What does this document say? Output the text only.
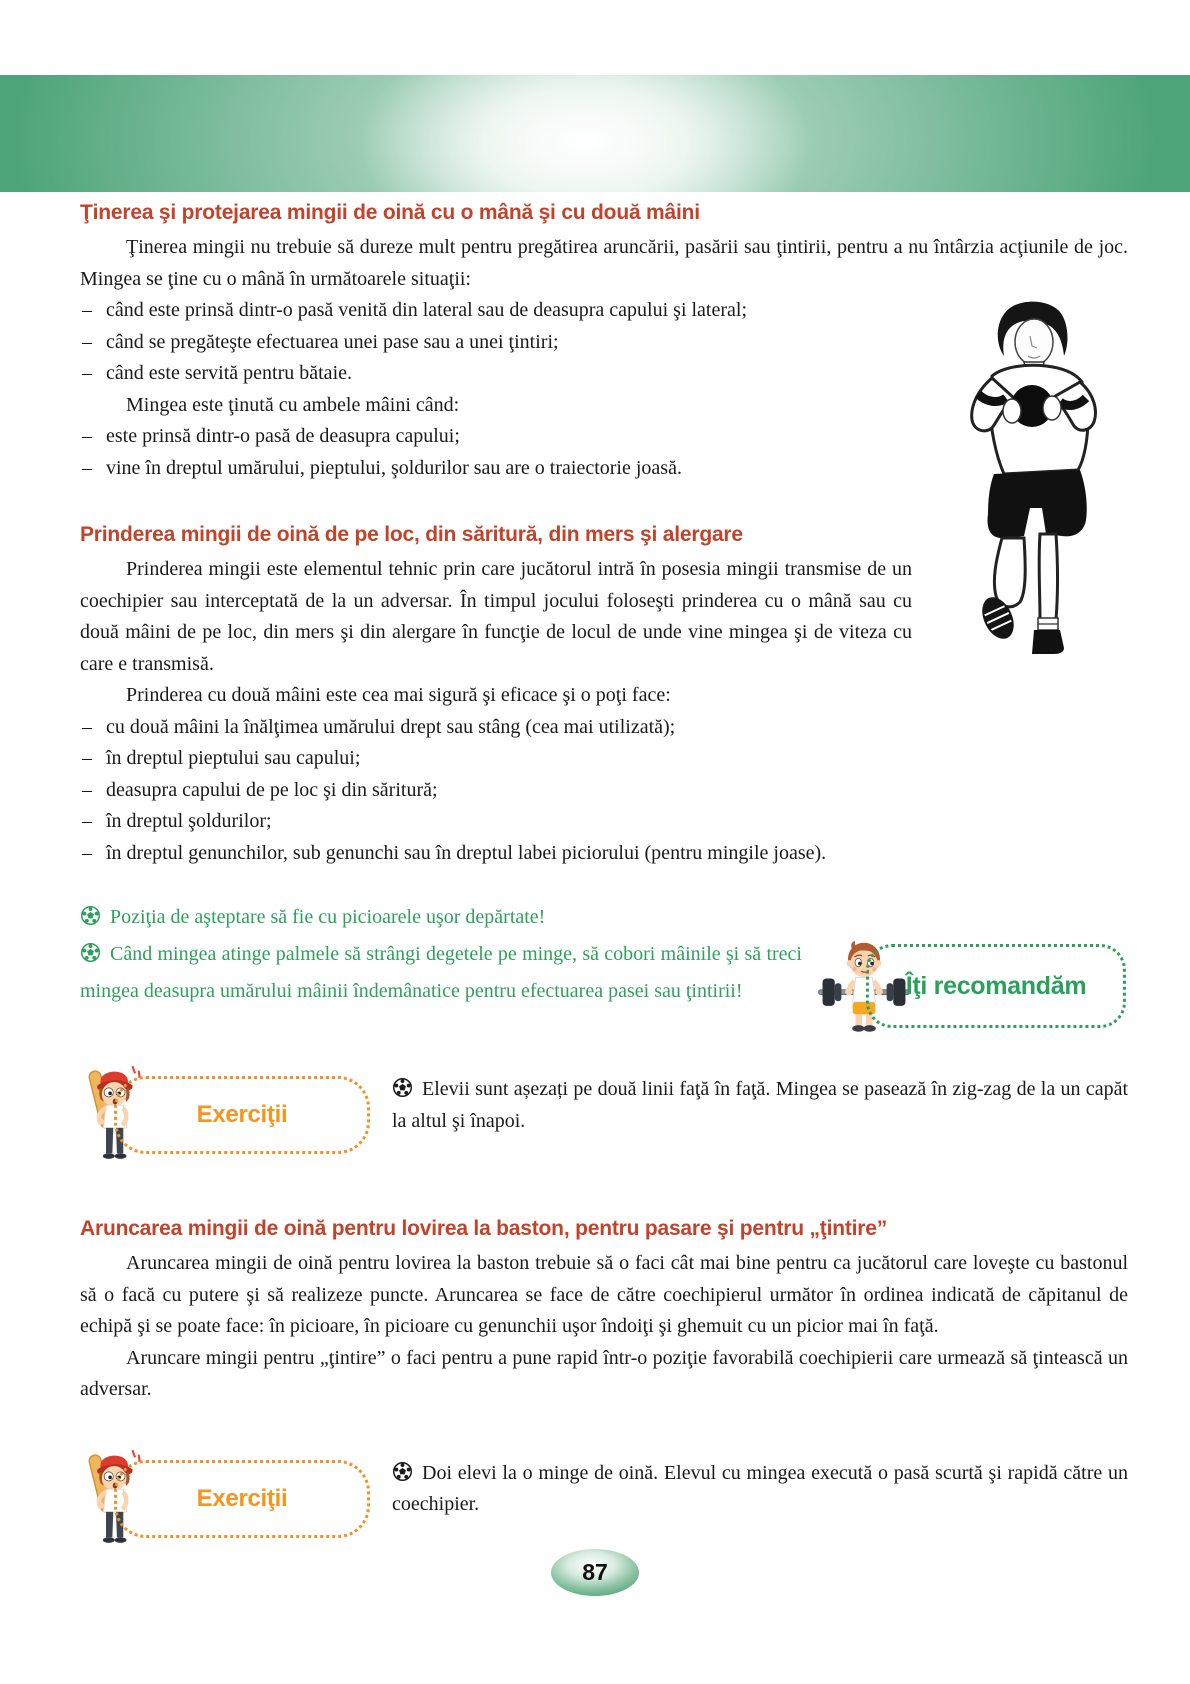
Ţinerea şi protejarea mingii de oină cu o mână şi cu două mâini

Ţinerea mingii nu trebuie să dureze mult pentru pregătirea aruncării, pasării sau ţintirii, pentru a nu întârzia acţiunile de joc. Mingea se ţine cu o mână în următoarele situaţii:

– când este prinsă dintr-o pasă venită din lateral sau de deasupra capului şi lateral;
– când se pregăteşte efectuarea unei pase sau a unei ţintiri;
– când este servită pentru bătaie.

Mingea este ţinută cu ambele mâini când:

– este prinsă dintr-o pasă de deasupra capului;
– vine în dreptul umărului, pieptului, şoldurilor sau are o traiectorie joasă.
Prinderea mingii de oină de pe loc, din săritură, din mers şi alergare

Prinderea mingii este elementul tehnic prin care jucătorul intră în posesia mingii transmise de un coechipier sau interceptată de la un adversar. În timpul jocului foloseşti prinderea cu o mână sau cu două mâini de pe loc, din mers şi din alergare în funcţie de locul de unde vine mingea şi de viteza cu care e transmisă.

Prinderea cu două mâini este cea mai sigură şi eficace şi o poţi face:

– cu două mâini la înălţimea umărului drept sau stâng (cea mai utilizată);
– în dreptul pieptului sau capului;
– deasupra capului de pe loc şi din săritură;
– în dreptul şoldurilor;
– în dreptul genunchilor, sub genunchi sau în dreptul labei piciorului (pentru mingile joase).

Poziţia de aşteptare să fie cu picioarele uşor depărtate!

Îţi recomandăm
Când mingea atinge palmele să strângi degetele pe minge, să cobori mâinile şi să treci mingea deasupra umărului mâinii îndemânatice pentru efectuarea pasei sau ţintirii!

Exerciţii

Elevii sunt așezați pe două linii faţă în faţă. Mingea se pasează în zig-zag de la un capăt la altul şi înapoi.

Aruncarea mingii de oină pentru lovirea la baston, pentru pasare şi pentru „ţintire”

Aruncarea mingii de oină pentru lovirea la baston trebuie să o faci cât mai bine pentru ca jucătorul care loveşte cu bastonul să o facă cu putere şi să realizeze puncte. Aruncarea se face de către coechipierul următor în ordinea indicată de căpitanul de echipă şi se poate face: în picioare, în picioare cu genunchii uşor îndoiţi şi ghemuit cu un picior mai în faţă.

Aruncare mingii pentru „ţintire” o faci pentru a pune rapid într-o poziţie favorabilă coechipierii care urmează să ţintească un adversar.

Exerciţii

Doi elevi la o minge de oină. Elevul cu mingea execută o pasă scurtă şi rapidă către un coechipier.

87
